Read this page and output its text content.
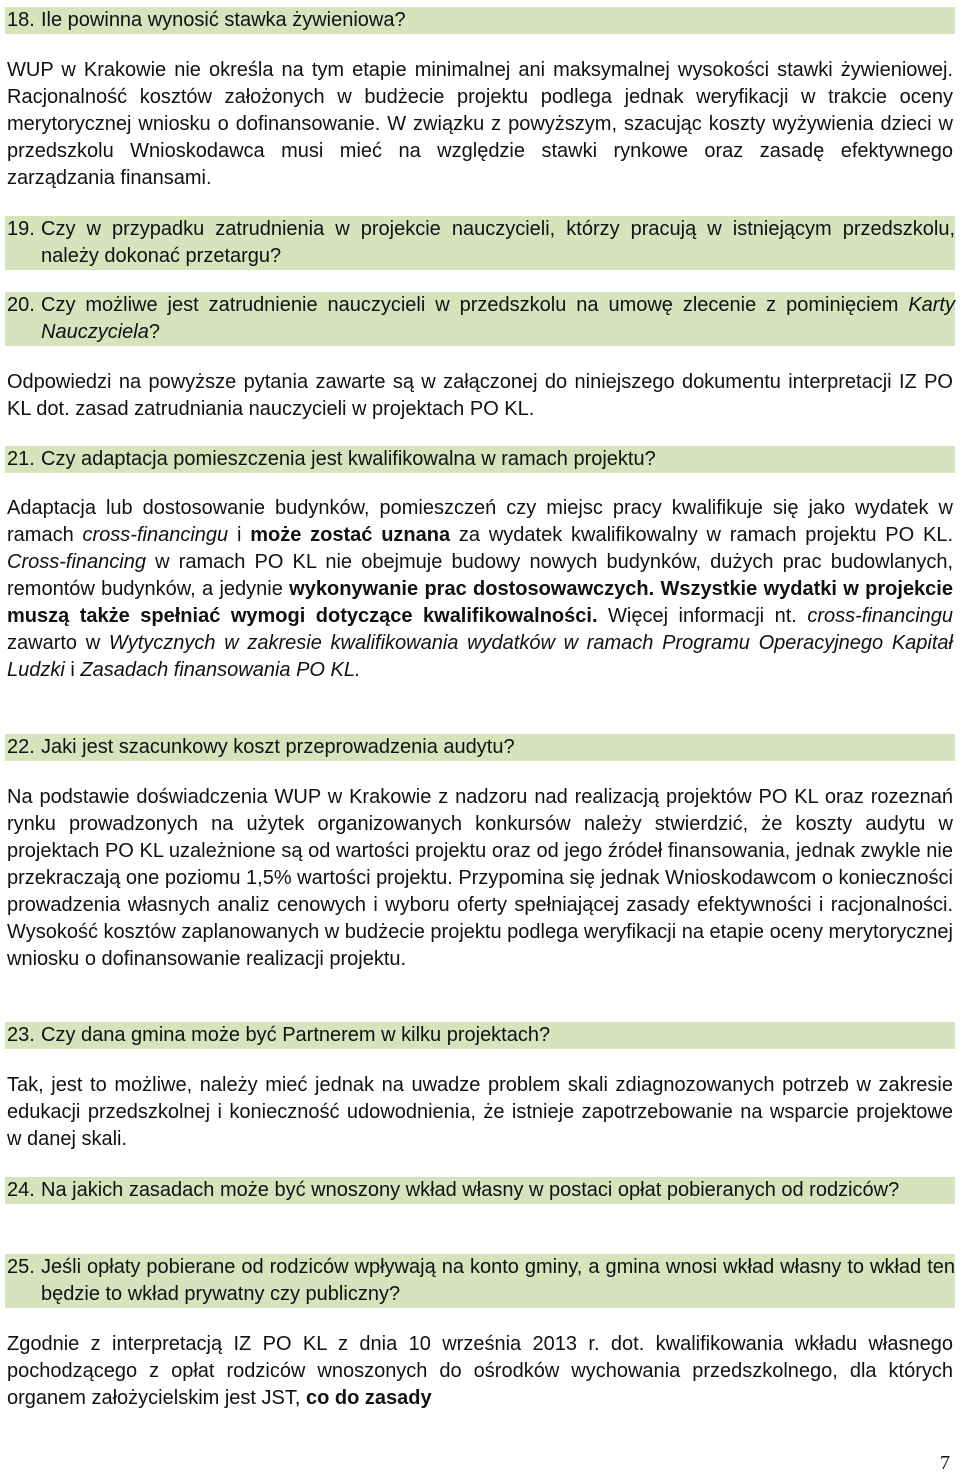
18. Ile powinna wynosić stawka żywieniowa?

WUP w Krakowie nie określa na tym etapie minimalnej ani maksymalnej wysokości stawki żywieniowej. Racjonalność kosztów założonych w budżecie projektu podlega jednak weryfikacji w trakcie oceny merytorycznej wniosku o dofinansowanie. W związku z powyższym, szacując koszty wyżywienia dzieci w przedszkolu Wnioskodawca musi mieć na względzie stawki rynkowe oraz zasadę efektywnego zarządzania finansami.

19. Czy w przypadku zatrudnienia w projekcie nauczycieli, którzy pracują w istniejącym przedszkolu, należy dokonać przetargu?
20. Czy możliwe jest zatrudnienie nauczycieli w przedszkolu na umowę zlecenie z pominięciem Karty Nauczyciela?

Odpowiedzi na powyższe pytania zawarte są w załączonej do niniejszego dokumentu interpretacji IZ PO KL dot. zasad zatrudniania nauczycieli w projektach PO KL.

21. Czy adaptacja pomieszczenia jest kwalifikowalna w ramach projektu?

Adaptacja lub dostosowanie budynków, pomieszczeń czy miejsc pracy kwalifikuje się jako wydatek w ramach cross-financingu i może zostać uznana za wydatek kwalifikowalny w ramach projektu PO KL. Cross-financing w ramach PO KL nie obejmuje budowy nowych budynków, dużych prac budowlanych, remontów budynków, a jedynie wykonywanie prac dostosowawczych. Wszystkie wydatki w projekcie muszą także spełniać wymogi dotyczące kwalifikowalności. Więcej informacji nt. cross-financingu zawarto w Wytycznych w zakresie kwalifikowania wydatków w ramach Programu Operacyjnego Kapitał Ludzki i Zasadach finansowania PO KL.

22. Jaki jest szacunkowy koszt przeprowadzenia audytu?

Na podstawie doświadczenia WUP w Krakowie z nadzoru nad realizacją projektów PO KL oraz rozeznań rynku prowadzonych na użytek organizowanych konkursów należy stwierdzić, że koszty audytu w projektach PO KL uzależnione są od wartości projektu oraz od jego źródeł finansowania, jednak zwykle nie przekraczają one poziomu 1,5% wartości projektu. Przypomina się jednak Wnioskodawcom o konieczności prowadzenia własnych analiz cenowych i wyboru oferty spełniającej zasady efektywności i racjonalności. Wysokość kosztów zaplanowanych w budżecie projektu podlega weryfikacji na etapie oceny merytorycznej wniosku o dofinansowanie realizacji projektu.

23. Czy dana gmina może być Partnerem w kilku projektach?

Tak, jest to możliwe, należy mieć jednak na uwadze problem skali zdiagnozowanych potrzeb w zakresie edukacji przedszkolnej i konieczność udowodnienia, że istnieje zapotrzebowanie na wsparcie projektowe w danej skali.

24. Na jakich zasadach może być wnoszony wkład własny w postaci opłat pobieranych od rodziców?
25. Jeśli opłaty pobierane od rodziców wpływają na konto gminy, a gmina wnosi wkład własny to wkład ten będzie to wkład prywatny czy publiczny?

Zgodnie z interpretacją IZ PO KL z dnia 10 września 2013 r. dot. kwalifikowania wkładu własnego pochodzącego z opłat rodziców wnoszonych do ośrodków wychowania przedszkolnego, dla których organem założycielskim jest JST, co do zasady

7
